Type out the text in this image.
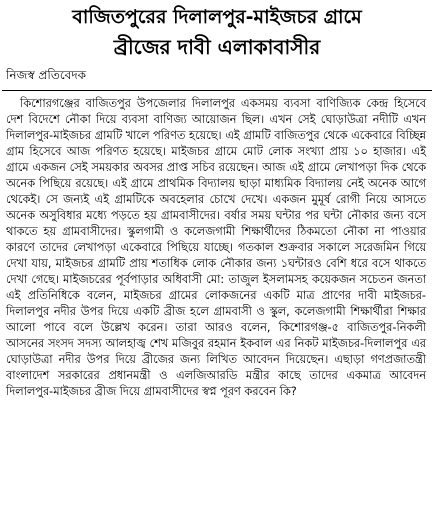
বাজিতপুরের দিলালপুর-মাইজচর গ্রামে
ব্রীজের দাবী এলাকাবাসীর
নিজস্ব প্রতিবেদক

কিশোরগঞ্জের বাজিতপুর উপজেলার দিলালপুর একসময় ব্যবসা বাণিজ্যিক কেন্দ্র হিসেবে দেশ বিদেশে নৌকা দিয়ে ব্যবসা বাণিজ্য আয়োজন ছিল। এখন সেই ঘোড়াউত্রা নদীটি এখন দিলালপুর-মাইজচর গ্রামটি খালে পরিণত হয়েছে। এই গ্রামটি বাজিতপুর থেকে একেবারে বিচ্ছিন্ন গ্রাম হিসেবে আজ পরিণত হয়েছে। মাইজচর গ্রামে মোট লোক সংখ্যা প্রায় ১০ হাজার। এই গ্রামে একজন সেই সময়কার অবসর প্রাপ্ত সচিব রয়েছেন। আজ এই গ্রামে লেখাপড়া দিক থেকে অনেক পিছিয়ে রয়েছে। এই গ্রামে প্রাথমিক বিদ্যালয় ছাড়া মাধ্যমিক বিদ্যালয় নেই অনেক আগে থেকেই। সে জন্যই এই গ্রামটিকে অবহেলার চোখে দেখে। একজন মুমূর্ষ রোগী নিয়ে আসতে অনেক অসুবিধার মধ্যে পড়তে হয় গ্রামবাসীদের। বর্ষার সময় ঘন্টার পর ঘন্টা নৌকার জন্য বসে থাকতে হয় গ্রামবাসীদের। স্কুলগামী ও কলেজগামী শিক্ষার্থীদের ঠিকমতো নৌকা না পাওয়ার কারণে তাদের লেখাপড়া একেবারে পিছিয়ে যাচ্ছে। গতকাল শুক্রবার সকালে সরেজমিন গিয়ে দেখা যায়, মাইজচর গ্রামটি প্রায় শতাধিক লোক নৌকার জন্য ১ঘন্টারও বেশি ধরে বসে থাকতে দেখা গেছে। মাইজচরের পূর্বপাড়ার অধিবাসী মো: তাজুল ইসলামসহ কয়েকজন সচেতন জনতা এই প্রতিনিধিকে বলেন, মাইজচর গ্রামের লোকজনের একটি মাত্র প্রাণের দাবী মাইজচর-দিলালপুর নদীর উপর দিয়ে একটি ব্রীজ হলে গ্রামবাসী ও স্কুল, কলেজগামী শিক্ষার্থীরা শিক্ষার আলো পাবে বলে উল্লেখ করেন। তারা আরও বলেন, কিশোরগঞ্জ-৫ বাজিতপুর-নিকলী আসনের সংসদ সদস্য আলহাজ্ব শেখ মজিবুর রহমান ইকবাল এর নিকট মাইজচর-দিলালপুর এর ঘোড়াউত্রা নদীর উপর দিয়ে ব্রীজের জন্য লিখিত আবেদন দিয়েছেন। এছাড়া গণপ্রজাতন্ত্রী বাংলাদেশ সরকারের প্রধানমন্ত্রী ও এলজিআরডি মন্ত্রীর কাছে তাদের একমাত্র আবেদন দিলালপুর-মাইজচর ব্রীজ দিয়ে গ্রামবাসীদের স্বপ্ন পূরণ করবেন কি?
